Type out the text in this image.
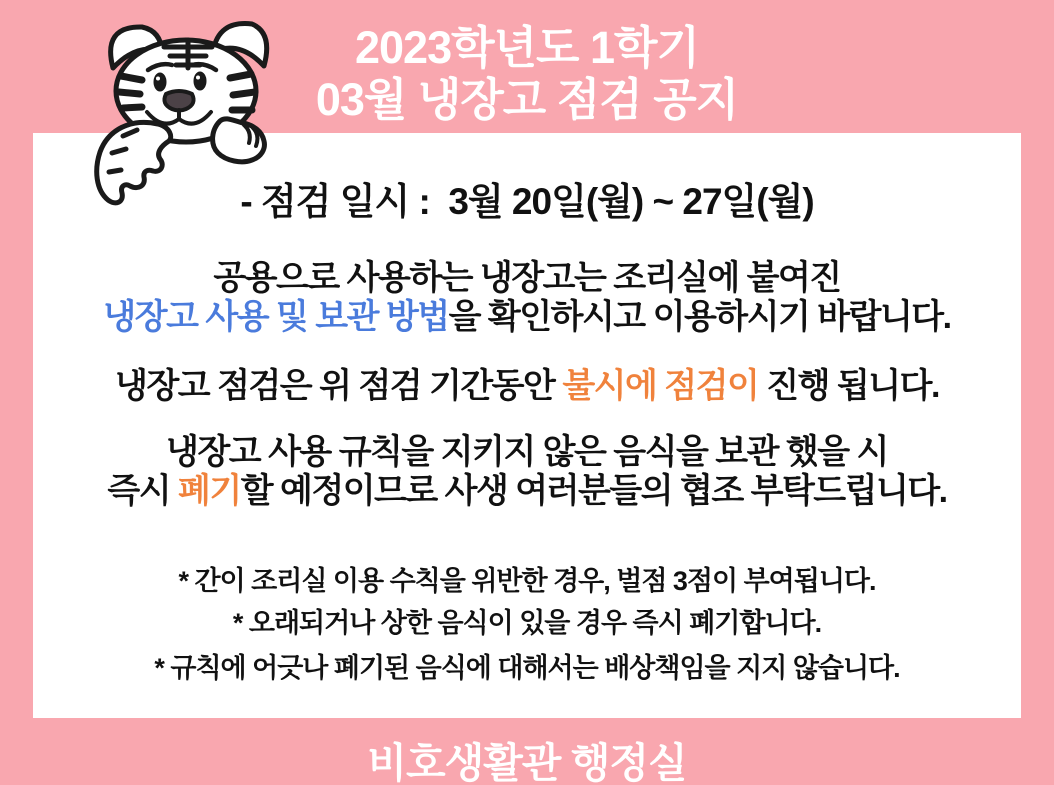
2023학년도 1학기
03월 냉장고 점검 공지
- 점검 일시 :  3월 20일(월) ~ 27일(월)
공용으로 사용하는 냉장고는 조리실에 붙여진
냉장고 사용 및 보관 방법을 확인하시고 이용하시기 바랍니다.
냉장고 점검은 위 점검 기간동안 불시에 점검이 진행 됩니다.
냉장고 사용 규칙을 지키지 않은 음식을 보관 했을 시
즉시 폐기할 예정이므로 사생 여러분들의 협조 부탁드립니다.
* 간이 조리실 이용 수칙을 위반한 경우, 벌점 3점이 부여됩니다.
* 오래되거나 상한 음식이 있을 경우 즉시 폐기합니다.
* 규칙에 어긋나 폐기된 음식에 대해서는 배상책임을 지지 않습니다.
비호생활관 행정실
